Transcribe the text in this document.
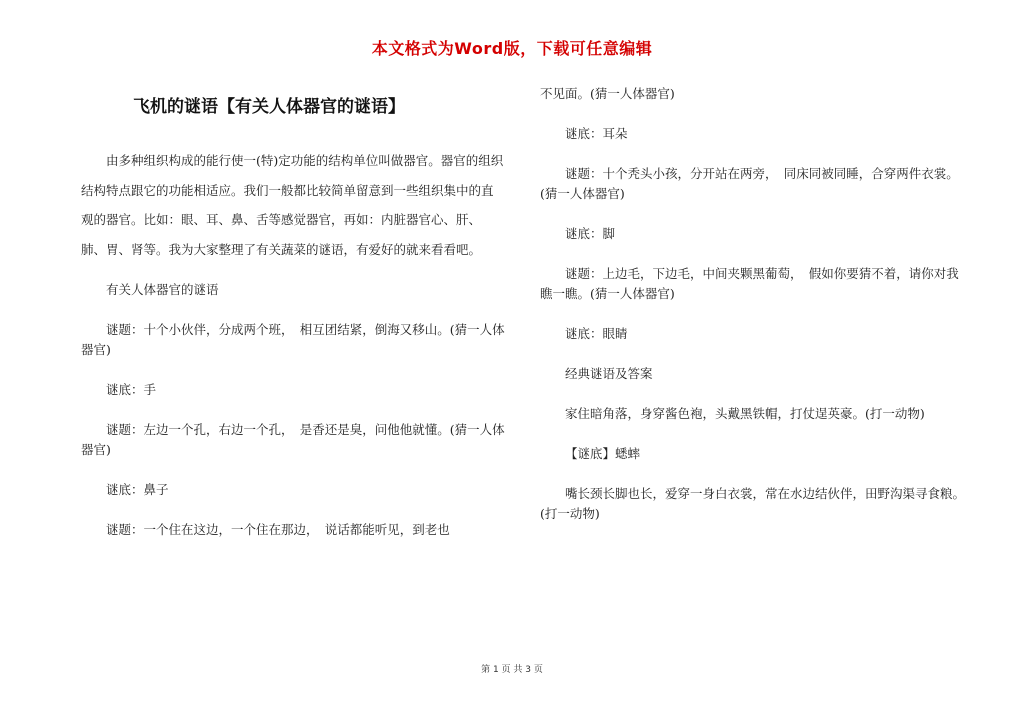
本文格式为Word版，下载可任意编辑
飞机的谜语【有关人体器官的谜语】

由多种组织构成的能行使一(特)定功能的结构单位叫做器官。器官的组织结构特点跟它的功能相适应。我们一般都比较简单留意到一些组织集中的直观的器官。比如：眼、耳、鼻、舌等感觉器官，再如：内脏器官心、肝、肺、胃、肾等。我为大家整理了有关蔬菜的谜语，有爱好的就来看看吧。

有关人体器官的谜语

谜题：十个小伙伴，分成两个班，　相互团结紧，倒海又移山。(猜一人体器官)

谜底：手

谜题：左边一个孔，右边一个孔，　是香还是臭，问他他就懂。(猜一人体器官)

谜底：鼻子

谜题：一个住在这边，一个住在那边，　说话都能听见，到老也

不见面。(猜一人体器官)

谜底：耳朵

谜题：十个秃头小孩，分开站在两旁，　同床同被同睡，合穿两件衣裳。(猜一人体器官)

谜底：脚

谜题：上边毛，下边毛，中间夹颗黑葡萄，　假如你要猜不着，请你对我瞧一瞧。(猜一人体器官)

谜底：眼睛

经典谜语及答案

家住暗角落，身穿酱色袍，头戴黑铁帽，打仗逞英豪。(打一动物)

【谜底】蟋蟀

嘴长颈长脚也长，爱穿一身白衣裳，常在水边结伙伴，田野沟渠寻食粮。(打一动物)

第 1 页 共 3 页
